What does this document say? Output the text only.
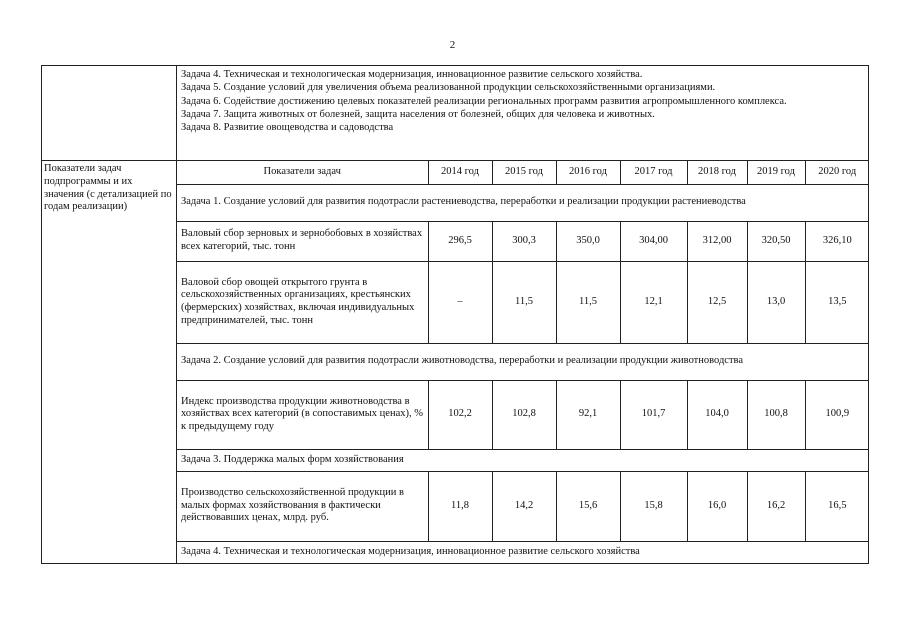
2

Задача 4. Техническая и технологическая модернизация, инновационное развитие сельского хозяйства.
Задача 5. Создание условий для увеличения объема реализованной продукции сельскохозяйственными организациями.
Задача 6. Содействие достижению целевых показателей реализации региональных программ развития агропромышленного комплекса.
Задача 7. Защита животных от болезней, защита населения от болезней, общих для человека и животных.
Задача 8. Развитие овощеводства и садоводства

Показатели задач подпрограммы и их значения (с детализацией по годам реализации)	
Показатели задач	2014 год	2015 год	2016 год	2017 год	2018 год	2019 год	2020 год
Задача 1. Создание условий для развития подотрасли растениеводства, переработки и реализации продукции растениеводства
Валовый сбор зерновых и зернобобовых в хозяйствах всех категорий, тыс. тонн	296,5	300,3	350,0	304,00	312,00	320,50	326,10
Валовой сбор овощей открытого грунта в сельскохозяйственных организациях, крестьянских (фермерских) хозяйствах, включая индивидуальных предпринимателей, тыс. тонн	–	11,5	11,5	12,1	12,5	13,0	13,5
Задача 2. Создание условий для развития подотрасли животноводства, переработки и реализации продукции животноводства
Индекс производства продукции животноводства в хозяйствах всех категорий (в сопоставимых ценах), % к предыдущему году	102,2	102,8	92,1	101,7	104,0	100,8	100,9
Задача 3. Поддержка малых форм хозяйствования
Производство сельскохозяйственной продукции в малых формах хозяйствования в фактически действовавших ценах, млрд. руб.	11,8	14,2	15,6	15,8	16,0	16,2	16,5
Задача 4. Техническая и технологическая модернизация, инновационное развитие сельского хозяйства
